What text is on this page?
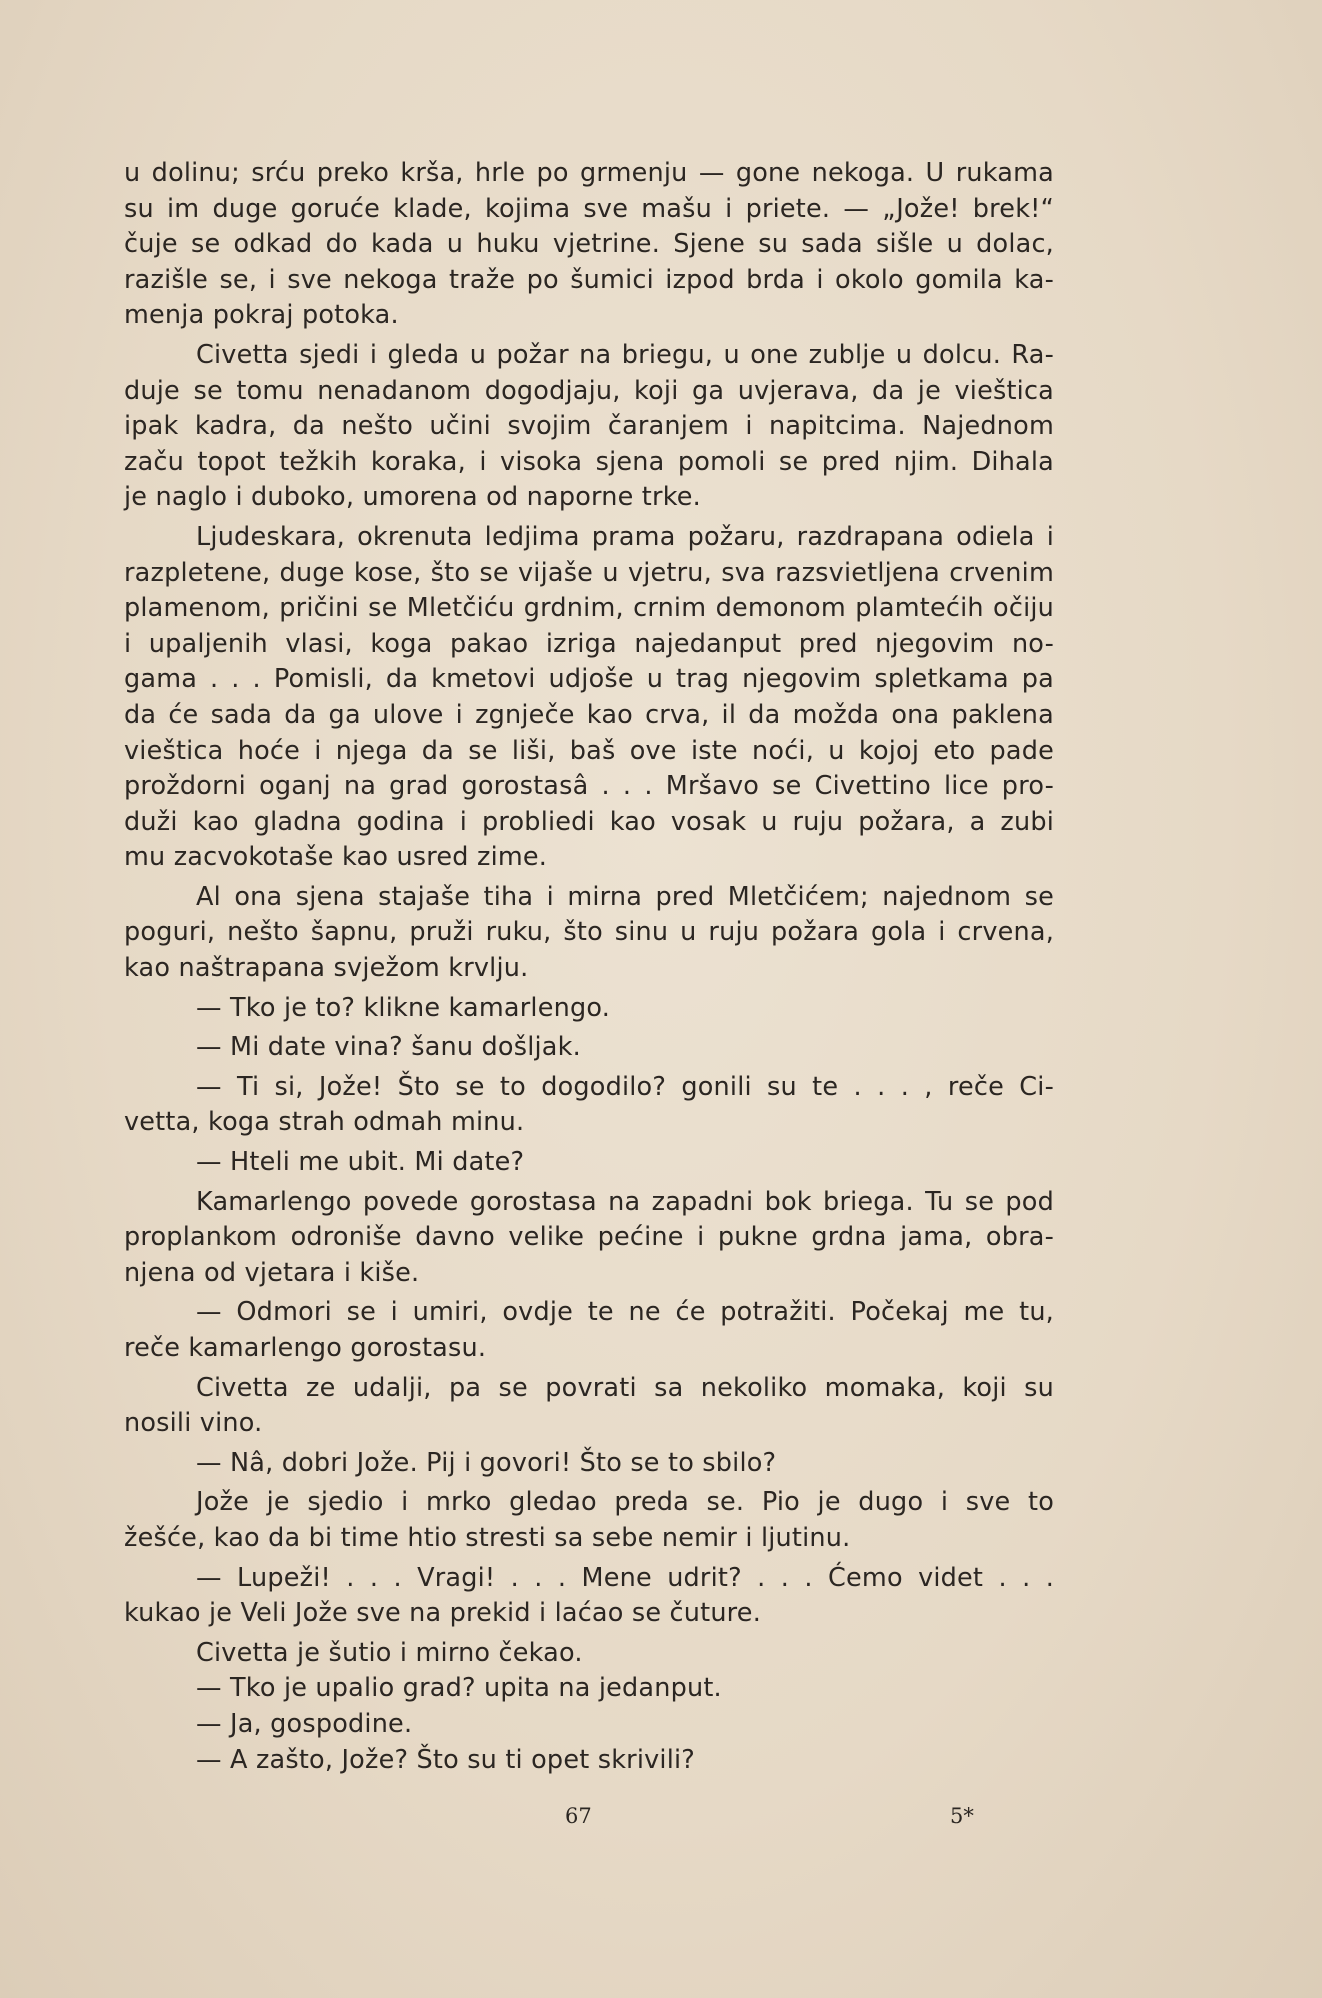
u dolinu; srću preko krša, hrle po grmenju — gone nekoga. U rukama
su im duge goruće klade, kojima sve mašu i priete. — „Jože! brek!“
čuje se odkad do kada u huku vjetrine. Sjene su sada sišle u dolac,
razišle se, i sve nekoga traže po šumici izpod brda i okolo gomila ka-
menja pokraj potoka.
Civetta sjedi i gleda u požar na briegu, u one zublje u dolcu. Ra-
duje se tomu nenadanom dogodjaju, koji ga uvjerava, da je vieštica
ipak kadra, da nešto učini svojim čaranjem i napitcima. Najednom
začu topot težkih koraka, i visoka sjena pomoli se pred njim. Dihala
je naglo i duboko, umorena od naporne trke.
Ljudeskara, okrenuta ledjima prama požaru, razdrapana odiela i
razpletene, duge kose, što se vijaše u vjetru, sva razsvietljena crvenim
plamenom, pričini se Mletčiću grdnim, crnim demonom plamtećih očiju
i upaljenih vlasi, koga pakao izriga najedanput pred njegovim no-
gama . . . Pomisli, da kmetovi udjoše u trag njegovim spletkama pa
da će sada da ga ulove i zgnječe kao crva, il da možda ona paklena
vieštica hoće i njega da se liši, baš ove iste noći, u kojoj eto pade
proždorni oganj na grad gorostasâ . . . Mršavo se Civettino lice pro-
duži kao gladna godina i probliedi kao vosak u ruju požara, a zubi
mu zacvokotaše kao usred zime.
Al ona sjena stajaše tiha i mirna pred Mletčićem; najednom se
poguri, nešto šapnu, pruži ruku, što sinu u ruju požara gola i crvena,
kao naštrapana svježom krvlju.
— Tko je to? klikne kamarlengo.
— Mi date vina? šanu došljak.
— Ti si, Jože! Što se to dogodilo? gonili su te . . . , reče Ci-
vetta, koga strah odmah minu.
— Hteli me ubit. Mi date?
Kamarlengo povede gorostasa na zapadni bok briega. Tu se pod
proplankom odroniše davno velike pećine i pukne grdna jama, obra-
njena od vjetara i kiše.
— Odmori se i umiri, ovdje te ne će potražiti. Počekaj me tu,
reče kamarlengo gorostasu.
Civetta ze udalji, pa se povrati sa nekoliko momaka, koji su
nosili vino.
— Nâ, dobri Jože. Pij i govori! Što se to sbilo?
Jože je sjedio i mrko gledao preda se. Pio je dugo i sve to
žešće, kao da bi time htio stresti sa sebe nemir i ljutinu.
— Lupeži! . . . Vragi! . . . Mene udrit? . . . Ćemo videt . . .
kukao je Veli Jože sve na prekid i laćao se čuture.
Civetta je šutio i mirno čekao.
— Tko je upalio grad? upita na jedanput.
— Ja, gospodine.
— A zašto, Jože? Što su ti opet skrivili?
67	5*
